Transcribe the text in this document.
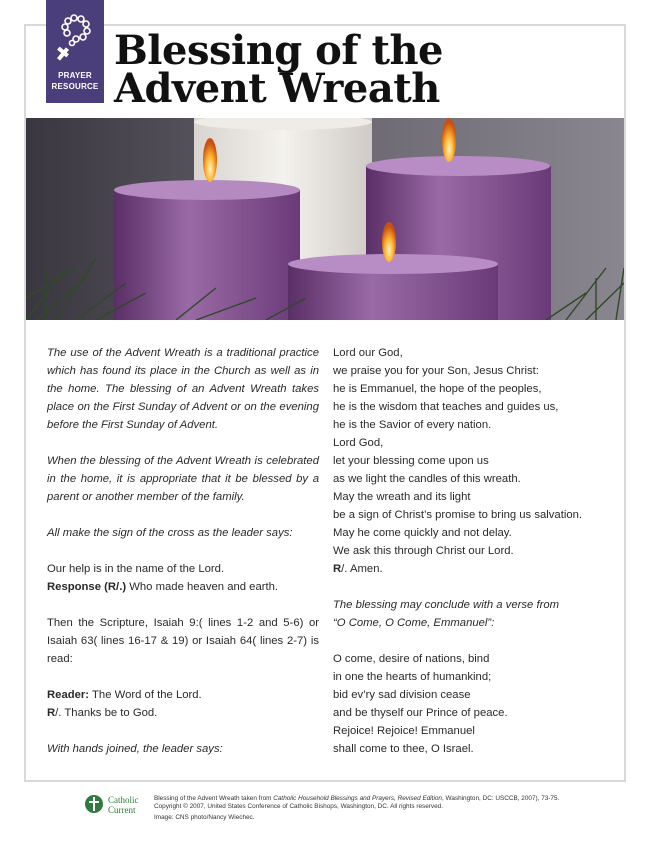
PRAYER
RESOURCE
Blessing of the
Advent Wreath

The use of the Advent Wreath is a traditional practice which has found its place in the Church as well as in the home. The blessing of an Advent Wreath takes place on the First Sunday of Advent or on the evening before the First Sunday of Advent.

When the blessing of the Advent Wreath is celebrated in the home, it is appropriate that it be blessed by a parent or another member of the family.

All make the sign of the cross as the leader says:

Our help is in the name of the Lord.
Response (R/.) Who made heaven and earth.

Then the Scripture, Isaiah 9:( lines 1-2 and 5-6) or Isaiah 63( lines 16-17 & 19) or Isaiah 64( lines 2-7) is read:

Reader: The Word of the Lord.
R/. Thanks be to God.

With hands joined, the leader says:

Lord our God,
we praise you for your Son, Jesus Christ:
he is Emmanuel, the hope of the peoples,
he is the wisdom that teaches and guides us,
he is the Savior of every nation.
Lord God,
let your blessing come upon us
as we light the candles of this wreath.
May the wreath and its light
be a sign of Christ’s promise to bring us salvation.
May he come quickly and not delay.
We ask this through Christ our Lord.
R/. Amen.

The blessing may conclude with a verse from
“O Come, O Come, Emmanuel”:

O come, desire of nations, bind
in one the hearts of humankind;
bid ev’ry sad division cease
and be thyself our Prince of peace.
Rejoice! Rejoice! Emmanuel
shall come to thee, O Israel.

Catholic
Current
Blessing of the Advent Wreath taken from Catholic Household Blessings and Prayers, Revised Edition, Washington, DC: USCCB, 2007), 73-75.
Copyright © 2007, United States Conference of Catholic Bishops, Washington, DC. All rights reserved.
Image: CNS photo/Nancy Wiechec.
